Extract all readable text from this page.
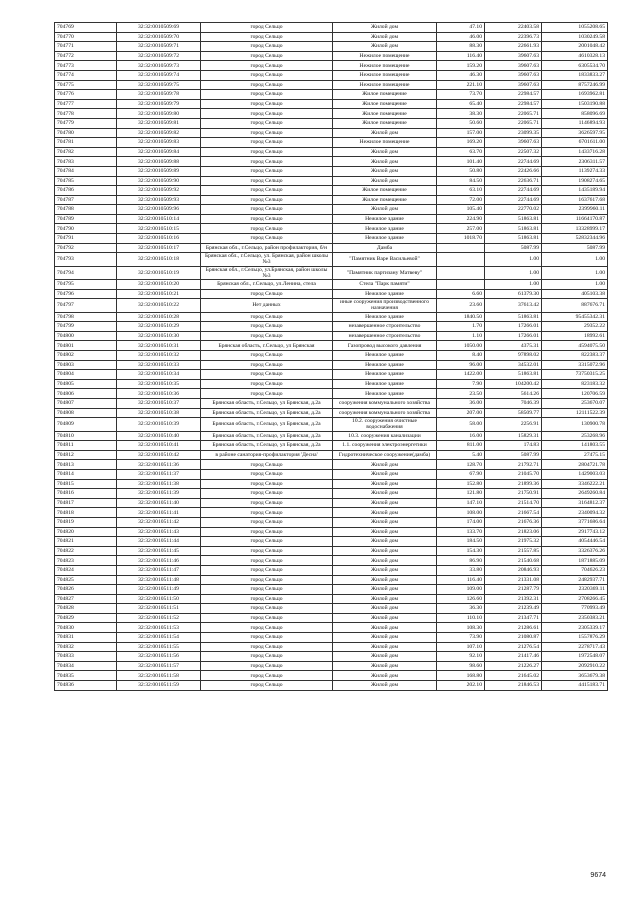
704769	32:32:0010509:69	город Сельцо	Жилой дом	47.10	22403.58	1055208.65
704770	32:32:0010509:70	город Сельцо	Жилой дом	46.00	22396.73	1030249.58
704771	32:32:0010509:71	город Сельцо	Жилой дом	88.30	22661.93	2001048.42
704772	32:32:0010509:72	город Сельцо	Нежилое помещение	116.40	39607.63	4610328.13
704773	32:32:0010509:73	город Сельцо	Нежилое помещение	159.20	39607.63	6305534.70
704774	32:32:0010509:74	город Сельцо	Нежилое помещение	46.30	39607.63	1833833.27
704775	32:32:0010509:75	город Сельцо	Нежилое помещение	221.10	39607.63	8757246.99
704776	32:32:0010509:78	город Сельцо	Жилое помещение	73.70	22984.57	1693962.81
704777	32:32:0010509:79	город Сельцо	Жилое помещение	65.40	22984.57	1503190.88
704778	32:32:0010509:80	город Сельцо	Жилое помещение	38.30	22065.71	858096.69
704779	32:32:0010509:81	город Сельцо	Жилое помещение	50.60	22065.71	1146894.93
704780	32:32:0010509:82	город Сельцо	Жилой дом	157.00	23099.35	3626597.95
704781	32:32:0010509:83	город Сельцо	Нежилое помещение	169.20	39607.63	6701611.00
704782	32:32:0010509:84	город Сельцо	Жилой дом	63.70	22507.32	1433716.28
704783	32:32:0010509:88	город Сельцо	Жилой дом	101.40	22744.69	2306311.57
704784	32:32:0010509:89	город Сельцо	Жилой дом	50.80	22426.66	1139274.33
704785	32:32:0010509:90	город Сельцо	Жилой дом	84.50	22636.71	1908274.65
704786	32:32:0010509:92	город Сельцо	Жилое помещение	63.10	22744.69	1435189.94
704787	32:32:0010509:93	город Сельцо	Жилое помещение	72.00	22744.69	1637617.68
704788	32:32:0010509:96	город Сельцо	Жилой дом	105.40	22770.02	2399960.11
704789	32:32:0010510:14	город Сельцо	Нежилое здание	224.90	51863.81	11664170.87
704790	32:32:0010510:15	город Сельцо	Нежилое здание	257.00	51863.81	13328999.17
704791	32:32:0010510:16	город Сельцо	Нежилое здание	1018.70	51863.81	52832344.96
704792	32:32:0010510:17	Брянская обл., г.Сельцо, район профилактория, б/н	Дамба		5087.99	5087.99
704793	32:32:0010510:18	Брянская обл., г.Сельцо, ул. Брянская, район школы №3	"Памятник Варе Васильевой"		1.00	1.00
704794	32:32:0010510:19	Брянская обл., г.Сельцо, ул.Брянская, район школы №3	"Памятник партизану Матвеву"		1.00	1.00
704795	32:32:0010510:20	Брянская обл., г.Сельцо, ул.Ленина, стела	Стела "Парк памяти"		1.00	1.00
704796	32:32:0010510:21	город Сельцо	Нежилое здание	6.60	61379.30	405103.38
704797	32:32:0010510:22	Нет данных	иные сооружения производственного назначения	23.60	37613.42	887676.71
704798	32:32:0010510:28	город Сельцо	Нежилое здание	1840.50	51863.81	95455342.31
704799	32:32:0010510:29	город Сельцо	незавершенное строительство	1.70	17266.01	29352.22
704800	32:32:0010510:30	город Сельцо	незавершенное строительство	1.10	17266.01	18992.61
704801	32:32:0010510:31	Брянская область, г.Сельцо, ул Брянская	Газопровод высокого давления	1050.00	4375.31	4594075.50
704802	32:32:0010510:32	город Сельцо	Нежилое здание	8.40	97898.02	822383.37
704803	32:32:0010510:33	город Сельцо	Нежилое здание	96.00	34532.01	3315072.96
704804	32:32:0010510:34	город Сельцо	Нежилое здание	1422.00	51863.81	73750315.25
704805	32:32:0010510:35	город Сельцо	Нежилое здание	7.90	104200.42	823183.32
704806	32:32:0010510:36	город Сельцо	Нежилое здание	23.50	5614.26	120706.59
704807	32:32:0010510:37	Брянская область, г.Сельцо, ул Брянская, д.2а	сооружения коммунального хозяйства	36.00	7046.39	253670.07
704808	32:32:0010510:38	Брянская область, г.Сельцо, ул Брянская, д.2а	сооружения коммунального хозяйства	207.00	58509.77	12111522.39
704809	32:32:0010510:39	Брянская область, г.Сельцо, ул Брянская, д.2а	10.2. сооружения очистные водоснабжения	58.00	2256.91	130900.78
704810	32:32:0010510:40	Брянская область, г.Сельцо, ул Брянская, д.2а	10.3. сооружения канализации	16.00	15829.31	253268.96
704811	32:32:0010510:41	Брянская область, г.Сельцо, ул Брянская, д.2а	1.1. сооружения электроэнергетики	811.00	174.83	141803.55
704812	32:32:0010510:42	в районе санатория-профилактория 'Десна'	Гидротехническое сооружение(дамба)	5.40	5087.99	27475.15
704813	32:32:0010511:36	город Сельцо	Жилой дом	128.70	21792.71	2804721.78
704814	32:32:0010511:37	город Сельцо	Жилой дом	67.90	21045.70	1429003.03
704815	32:32:0010511:38	город Сельцо	Жилой дом	152.80	21899.36	3346222.21
704816	32:32:0010511:39	город Сельцо	Жилой дом	121.80	21750.91	2649260.84
704817	32:32:0010511:40	город Сельцо	Жилой дом	147.10	21514.70	3164812.37
704818	32:32:0010511:41	город Сельцо	Жилой дом	108.00	21667.54	2340094.32
704819	32:32:0010511:42	город Сельцо	Жилой дом	174.00	21676.36	3771686.64
704820	32:32:0010511:43	город Сельцо	Жилой дом	133.70	21823.06	2917743.12
704821	32:32:0010511:44	город Сельцо	Жилой дом	184.50	21975.32	4054446.54
704822	32:32:0010511:45	город Сельцо	Жилой дом	154.30	21557.85	3326376.26
704823	32:32:0010511:46	город Сельцо	Жилой дом	86.90	21540.68	1871885.09
704824	32:32:0010511:47	город Сельцо	Жилой дом	33.80	20846.93	704626.23
704825	32:32:0010511:48	город Сельцо	Жилой дом	116.40	21331.08	2482937.71
704826	32:32:0010511:49	город Сельцо	Жилой дом	109.00	21287.79	2320369.11
704827	32:32:0010511:50	город Сельцо	Жилой дом	126.60	21392.31	2708266.45
704828	32:32:0010511:51	город Сельцо	Жилой дом	36.30	21239.49	770993.49
704829	32:32:0010511:52	город Сельцо	Жилой дом	110.10	21347.71	2350383.21
704830	32:32:0010511:53	город Сельцо	Жилой дом	108.30	21286.61	2305339.17
704831	32:32:0010511:54	город Сельцо	Жилой дом	73.90	21080.87	1557876.29
704832	32:32:0010511:55	город Сельцо	Жилой дом	107.10	21276.54	2278717.43
704833	32:32:0010511:56	город Сельцо	Жилой дом	92.10	21417.46	1972548.07
704834	32:32:0010511:57	город Сельцо	Жилой дом	98.60	21226.27	2092910.22
704835	32:32:0010511:58	город Сельцо	Жилой дом	168.80	21645.02	3653679.38
704836	32:32:0010511:59	город Сельцо	Жилой дом	202.10	21846.53	4415183.71
9674
